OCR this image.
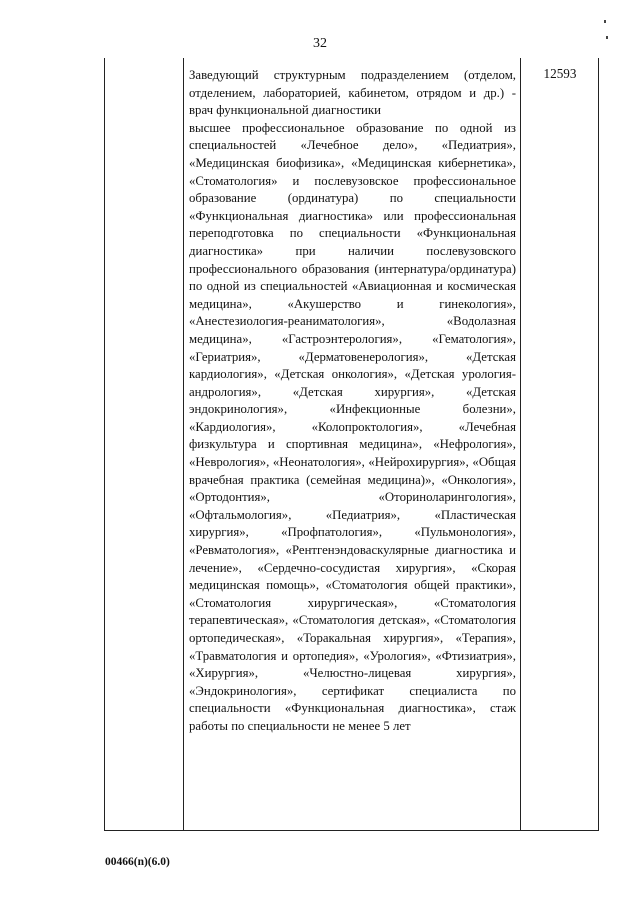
32

Заведующий структурным подразделением (отделом, отделением, лабораторией, кабинетом, отрядом и др.) - врач функциональной диагностики

высшее профессиональное образование по одной из специальностей «Лечебное дело», «Педиатрия», «Медицинская биофизика», «Медицинская кибернетика», «Стоматология» и послевузовское профессиональное образование (ординатура) по специальности «Функциональная диагностика» или профессиональная переподготовка по специальности «Функциональная диагностика» при наличии послевузовского профессионального образования (интернатура/ординатура) по одной из специальностей «Авиационная и космическая медицина», «Акушерство и гинекология», «Анестезиология-реаниматология», «Водолазная медицина», «Гастроэнтерология», «Гематология», «Гериатрия», «Дерматовенерология», «Детская кардиология», «Детская онкология», «Детская урология-андрология», «Детская хирургия», «Детская эндокринология», «Инфекционные болезни», «Кардиология», «Колопроктология», «Лечебная физкультура и спортивная медицина», «Нефрология», «Неврология», «Неонатология», «Нейрохирургия», «Общая врачебная практика (семейная медицина)», «Онкология», «Ортодонтия», «Оториноларингология», «Офтальмология», «Педиатрия», «Пластическая хирургия», «Профпатология», «Пульмонология», «Ревматология», «Рентгенэндоваскулярные диагностика и лечение», «Сердечно-сосудистая хирургия», «Скорая медицинская помощь», «Стоматология общей практики», «Стоматология хирургическая», «Стоматология терапевтическая», «Стоматология детская», «Стоматология ортопедическая», «Торакальная хирургия», «Терапия», «Травматология и ортопедия», «Урология», «Фтизиатрия», «Хирургия», «Челюстно-лицевая хирургия», «Эндокринология», сертификат специалиста по специальности «Функциональная диагностика», стаж работы по специальности не менее 5 лет

12593
00466(n)(6.0)
